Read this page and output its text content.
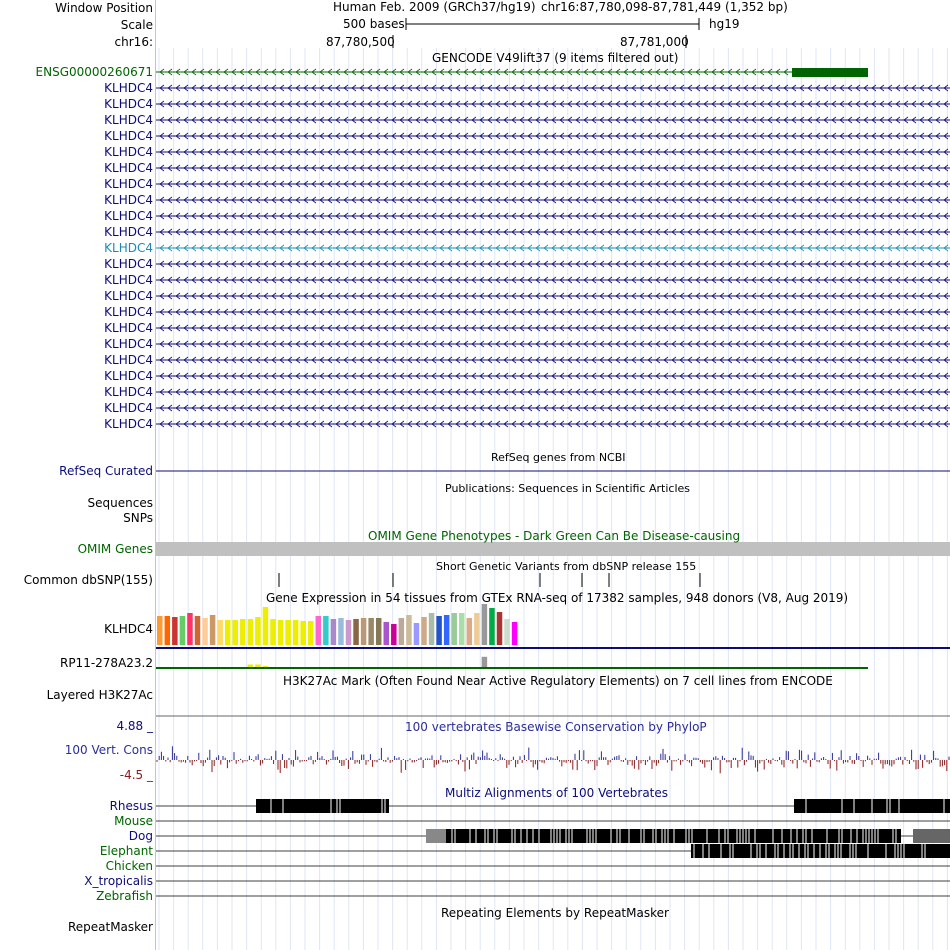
Window Position
Scale
chr16:
Human Feb. 2009 (GRCh37/hg19) chr16:87,780,098-87,781,449 (1,352 bp)
500 bases	hg19
87,780,500	87,781,000
GENCODE V49lift37 (9 items filtered out)
ENSG00000260671
KLHDC4
KLHDC4
KLHDC4
KLHDC4
KLHDC4
KLHDC4
KLHDC4
KLHDC4
KLHDC4
KLHDC4
KLHDC4
KLHDC4
KLHDC4
KLHDC4
KLHDC4
KLHDC4
KLHDC4
KLHDC4
KLHDC4
KLHDC4
KLHDC4
KLHDC4
RefSeq genes from NCBI
RefSeq Curated
Publications: Sequences in Scientific Articles
Sequences
SNPs
OMIM Gene Phenotypes - Dark Green Can Be Disease-causing
OMIM Genes
Short Genetic Variants from dbSNP release 155
Common dbSNP(155)
Gene Expression in 54 tissues from GTEx RNA-seq of 17382 samples, 948 donors (V8, Aug 2019)
KLHDC4
RP11-278A23.2
H3K27Ac Mark (Often Found Near Active Regulatory Elements) on 7 cell lines from ENCODE
Layered H3K27Ac
100 vertebrates Basewise Conservation by PhyloP
4.88 _
100 Vert. Cons
-4.5 _
Multiz Alignments of 100 Vertebrates
Rhesus
Mouse
Dog
Elephant
Chicken
X_tropicalis
Zebrafish
Repeating Elements by RepeatMasker
RepeatMasker
